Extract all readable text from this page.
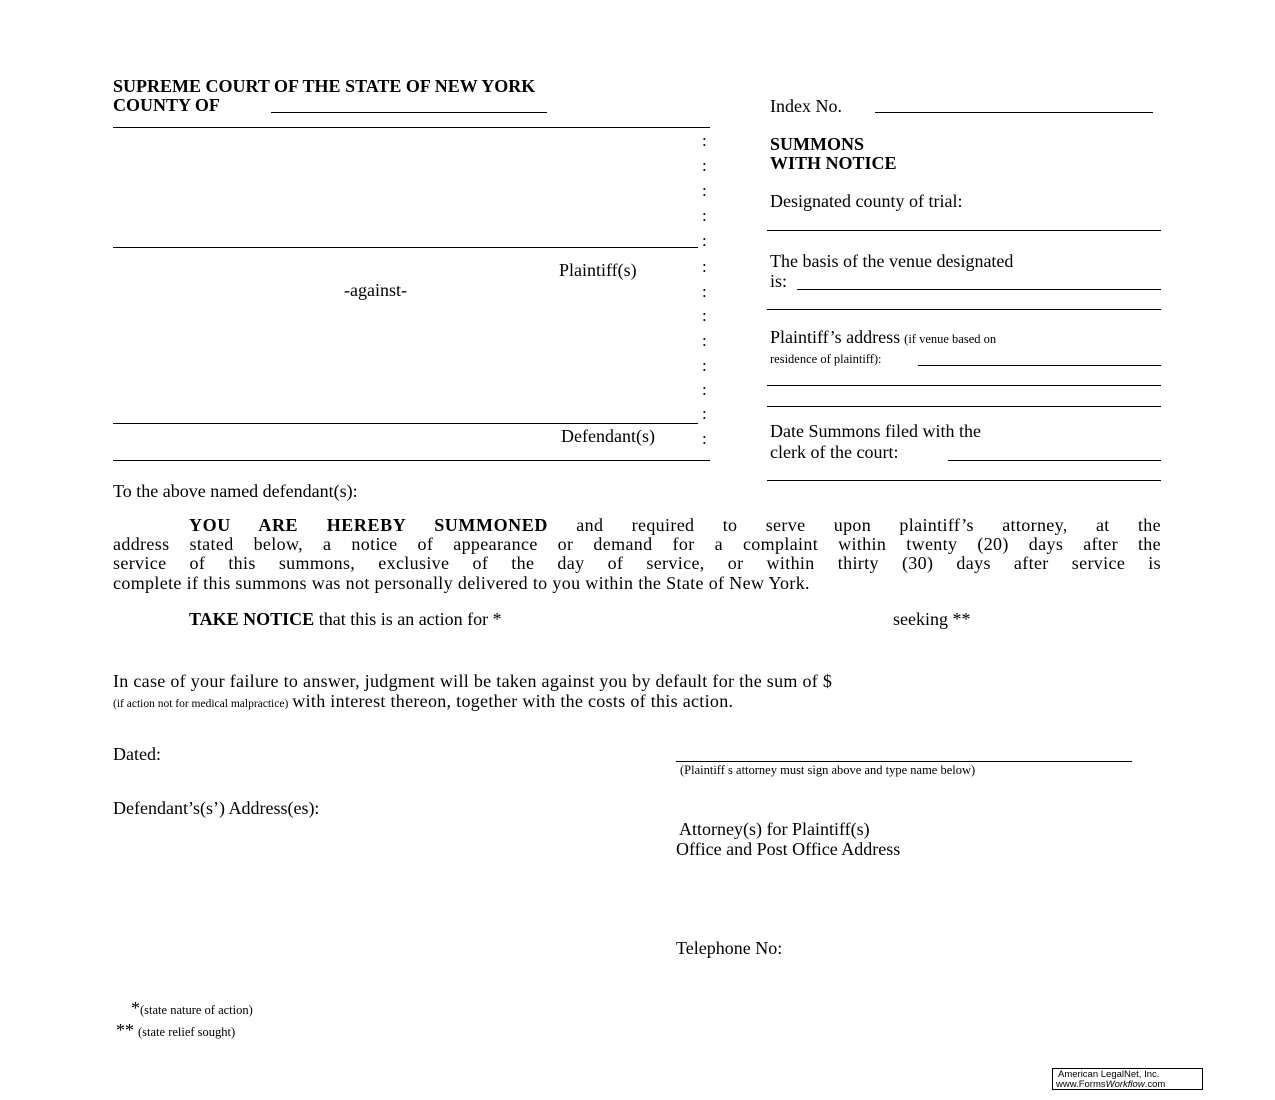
SUPREME COURT OF THE STATE OF NEW YORK
COUNTY OF
Plaintiff(s)
-against-
Defendant(s)
:
:
:
:
:
:
:
:
:
:
:
:
:
Index No.
SUMMONS
WITH NOTICE
Designated county of trial:
The basis of the venue designated
is:
Plaintiff’s address (if venue based on
residence of plaintiff):
Date Summons filed with the
clerk of the court:
To the above named defendant(s):
YOU ARE HEREBY SUMMONED and required to serve upon plaintiff’s attorney, at the
address stated below, a notice of appearance or demand for a complaint within twenty (20) days after the
service of this summons, exclusive of the day of service, or within thirty (30) days after service is
complete if this summons was not personally delivered to you within the State of New York.
TAKE NOTICE that this is an action for *	seeking **
In case of your failure to answer, judgment will be taken against you by default for the sum of $
(if action not for medical malpractice) with interest thereon, together with the costs of this action.
Dated:
(Plaintiff s attorney must sign above and type name below)
Defendant’s(s’) Address(es):
Attorney(s) for Plaintiff(s)
Office and Post Office Address
Telephone No:
*(state nature of action)
** (state relief sought)
American LegalNet, Inc.
www.FormsWorkflow.com
